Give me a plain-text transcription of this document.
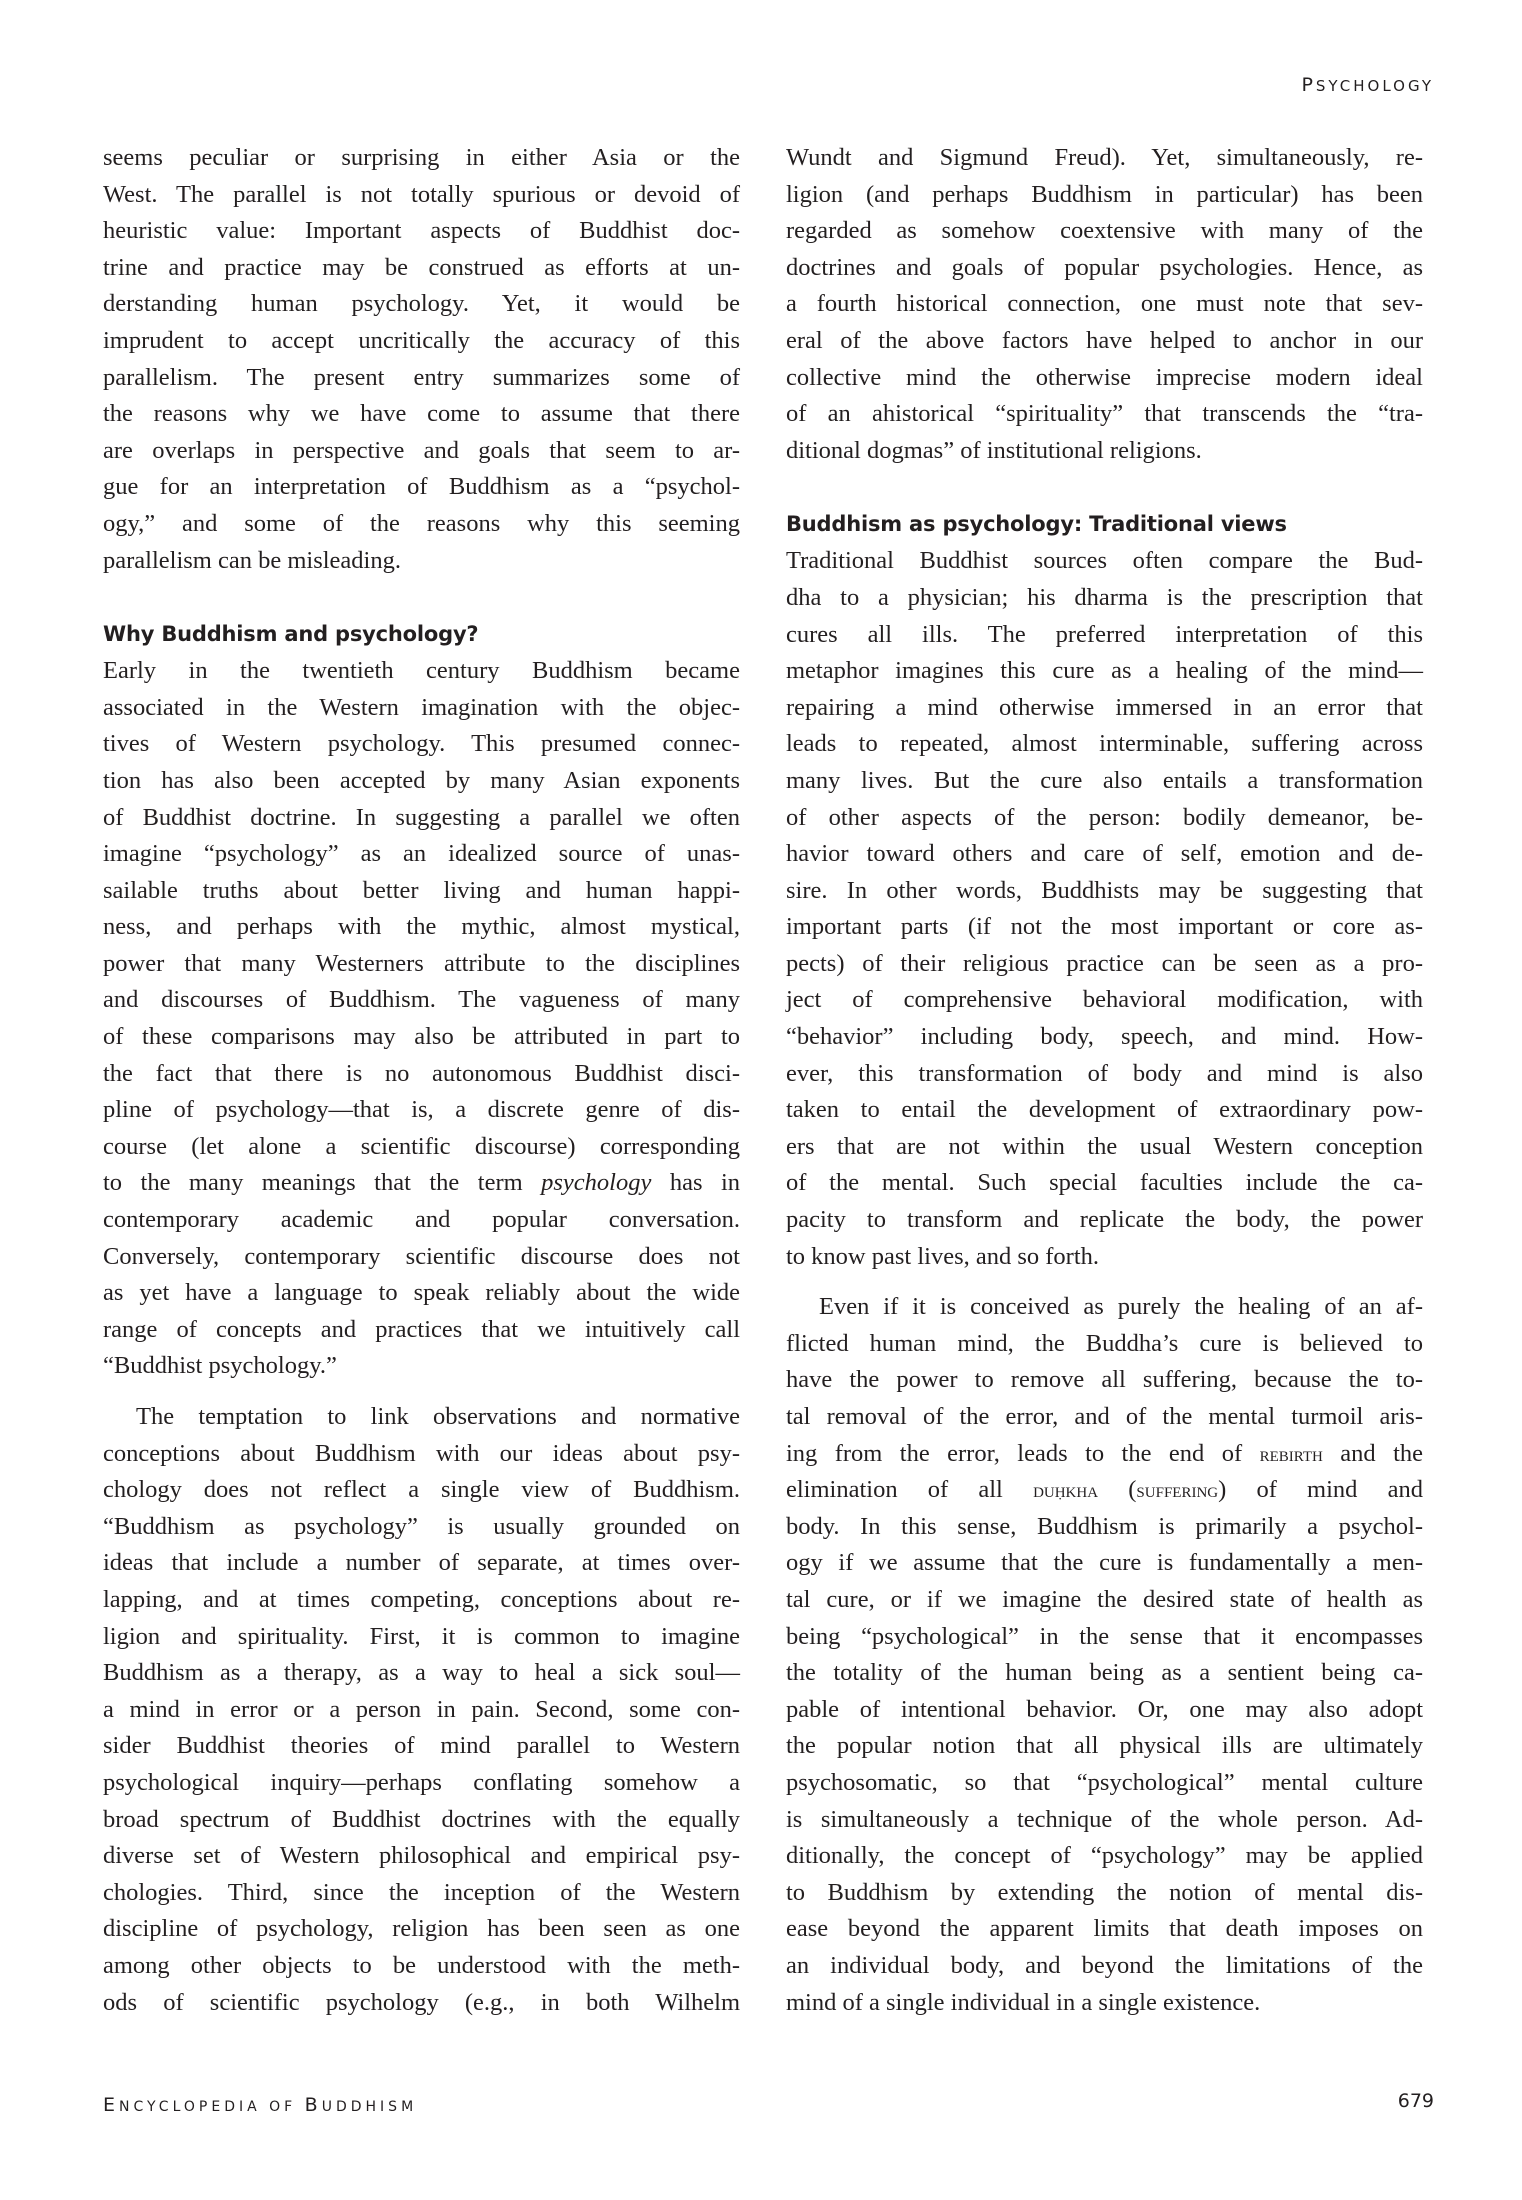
PSYCHOLOGY
seems peculiar or surprising in either Asia or the
West. The parallel is not totally spurious or devoid of
heuristic value: Important aspects of Buddhist doc-
trine and practice may be construed as efforts at un-
derstanding human psychology. Yet, it would be
imprudent to accept uncritically the accuracy of this
parallelism. The present entry summarizes some of
the reasons why we have come to assume that there
are overlaps in perspective and goals that seem to ar-
gue for an interpretation of Buddhism as a “psychol-
ogy,” and some of the reasons why this seeming
parallelism can be misleading.
Why Buddhism and psychology?
Early in the twentieth century Buddhism became
associated in the Western imagination with the objec-
tives of Western psychology. This presumed connec-
tion has also been accepted by many Asian exponents
of Buddhist doctrine. In suggesting a parallel we often
imagine “psychology” as an idealized source of unas-
sailable truths about better living and human happi-
ness, and perhaps with the mythic, almost mystical,
power that many Westerners attribute to the disciplines
and discourses of Buddhism. The vagueness of many
of these comparisons may also be attributed in part to
the fact that there is no autonomous Buddhist disci-
pline of psychology—that is, a discrete genre of dis-
course (let alone a scientific discourse) corresponding
to the many meanings that the term psychology has in
contemporary academic and popular conversation.
Conversely, contemporary scientific discourse does not
as yet have a language to speak reliably about the wide
range of concepts and practices that we intuitively call
“Buddhist psychology.”
The temptation to link observations and normative
conceptions about Buddhism with our ideas about psy-
chology does not reflect a single view of Buddhism.
“Buddhism as psychology” is usually grounded on
ideas that include a number of separate, at times over-
lapping, and at times competing, conceptions about re-
ligion and spirituality. First, it is common to imagine
Buddhism as a therapy, as a way to heal a sick soul—
a mind in error or a person in pain. Second, some con-
sider Buddhist theories of mind parallel to Western
psychological inquiry—perhaps conflating somehow a
broad spectrum of Buddhist doctrines with the equally
diverse set of Western philosophical and empirical psy-
chologies. Third, since the inception of the Western
discipline of psychology, religion has been seen as one
among other objects to be understood with the meth-
ods of scientific psychology (e.g., in both Wilhelm
Wundt and Sigmund Freud). Yet, simultaneously, re-
ligion (and perhaps Buddhism in particular) has been
regarded as somehow coextensive with many of the
doctrines and goals of popular psychologies. Hence, as
a fourth historical connection, one must note that sev-
eral of the above factors have helped to anchor in our
collective mind the otherwise imprecise modern ideal
of an ahistorical “spirituality” that transcends the “tra-
ditional dogmas” of institutional religions.
Buddhism as psychology: Traditional views
Traditional Buddhist sources often compare the Bud-
dha to a physician; his dharma is the prescription that
cures all ills. The preferred interpretation of this
metaphor imagines this cure as a healing of the mind—
repairing a mind otherwise immersed in an error that
leads to repeated, almost interminable, suffering across
many lives. But the cure also entails a transformation
of other aspects of the person: bodily demeanor, be-
havior toward others and care of self, emotion and de-
sire. In other words, Buddhists may be suggesting that
important parts (if not the most important or core as-
pects) of their religious practice can be seen as a pro-
ject of comprehensive behavioral modification, with
“behavior” including body, speech, and mind. How-
ever, this transformation of body and mind is also
taken to entail the development of extraordinary pow-
ers that are not within the usual Western conception
of the mental. Such special faculties include the ca-
pacity to transform and replicate the body, the power
to know past lives, and so forth.
Even if it is conceived as purely the healing of an af-
flicted human mind, the Buddha’s cure is believed to
have the power to remove all suffering, because the to-
tal removal of the error, and of the mental turmoil aris-
ing from the error, leads to the end of rebirth and the
elimination of all duḥkha (suffering) of mind and
body. In this sense, Buddhism is primarily a psychol-
ogy if we assume that the cure is fundamentally a men-
tal cure, or if we imagine the desired state of health as
being “psychological” in the sense that it encompasses
the totality of the human being as a sentient being ca-
pable of intentional behavior. Or, one may also adopt
the popular notion that all physical ills are ultimately
psychosomatic, so that “psychological” mental culture
is simultaneously a technique of the whole person. Ad-
ditionally, the concept of “psychology” may be applied
to Buddhism by extending the notion of mental dis-
ease beyond the apparent limits that death imposes on
an individual body, and beyond the limitations of the
mind of a single individual in a single existence.
ENCYCLOPEDIA OF BUDDHISM	679
